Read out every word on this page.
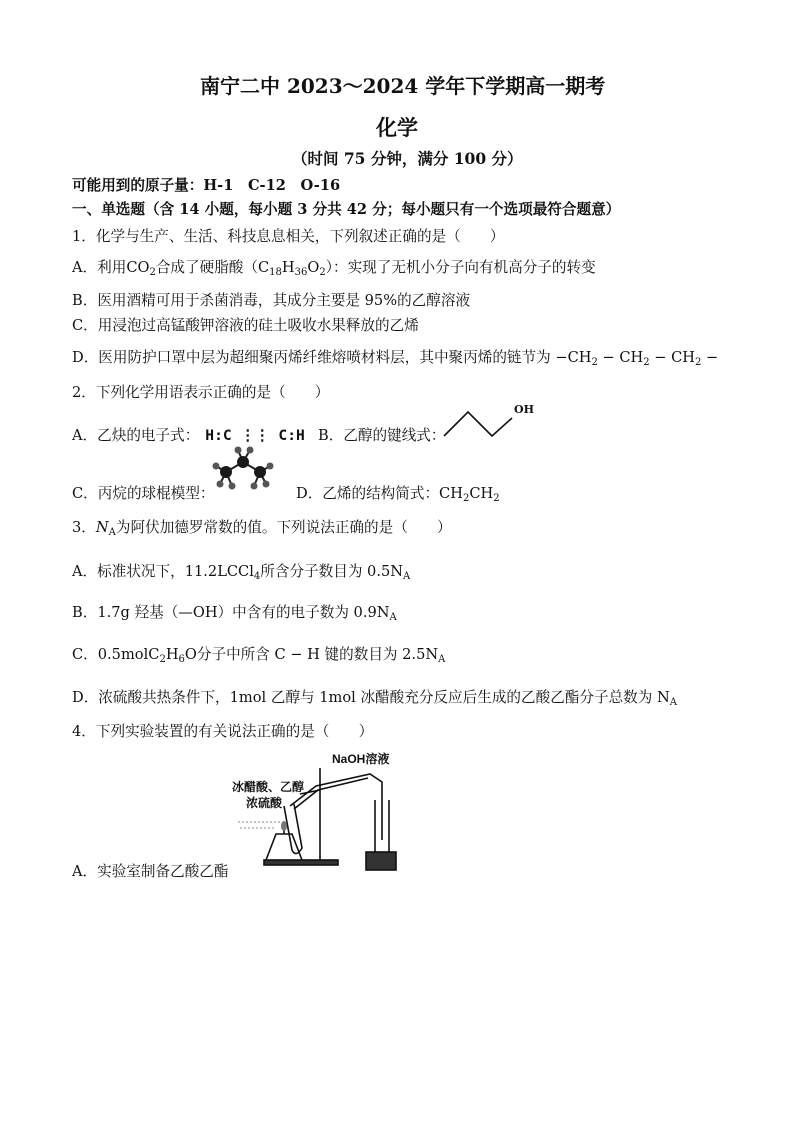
南宁二中 2023～2024 学年下学期高一期考
化学
（时间 75 分钟，满分 100 分）
可能用到的原子量：H-1　C-12　O-16
一、单选题（含 14 小题，每小题 3 分共 42 分；每小题只有一个选项最符合题意）
1．化学与生产、生活、科技息息相关，下列叙述正确的是（　　）
A．利用$CO_2$合成了硬脂酸$(C_{18}H_{36}O_2)$：实现了无机小分子向有机高分子的转变
B．医用酒精可用于杀菌消毒，其成分主要是 95%的乙醇溶液
C．用浸泡过高锰酸钾溶液的硅土吸收水果释放的乙烯
D．医用防护口罩中层为超细聚丙烯纤维熔喷材料层，其中聚丙烯的链节为 $-CH_2 - CH_2 - CH_2$ −
2．下列化学用语表示正确的是（　　）
A．乙炔的电子式： H꞉C ⋮⋮ C꞉H B．乙醇的键线式：
OH
C．丙烷的球棍模型：	D．乙烯的结构简式：$CH_2CH_2$
3．$N_A$为阿伏加德罗常数的值。下列说法正确的是（　　）
A．标准状况下，11.2LCCl$_4$所含分子数目为 $0.5N_A$
B．1.7g 羟基（—OH）中含有的电子数为 $0.9N_A$
C．$0.5molC_2H_6O$分子中所含 C − H 键的数目为 $2.5N_A$
D．浓硫酸共热条件下，1mol 乙醇与 1mol 冰醋酸充分反应后生成的乙酸乙酯分子总数为 $N_A$
4．下列实验装置的有关说法正确的是（　　）
NaOH溶液
冰醋酸、乙醇
浓硫酸
A．实验室制备乙酸乙酯
